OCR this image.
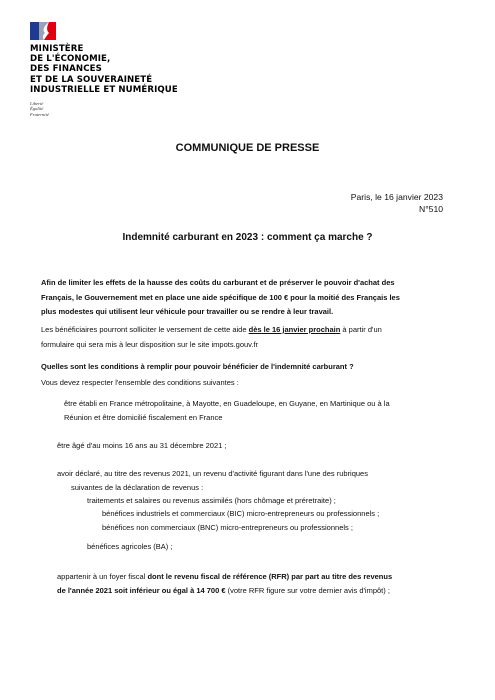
MINISTÈRE
DE L'ÉCONOMIE,
DES FINANCES
ET DE LA SOUVERAINETÉ
INDUSTRIELLE ET NUMÉRIQUE
Liberté
Égalité
Fraternité
COMMUNIQUE DE PRESSE
Paris, le 16 janvier 2023
N°510
Indemnité carburant en 2023 : comment ça marche ?
Afin de limiter les effets de la hausse des coûts du carburant et de préserver le pouvoir d'achat des
Français, le Gouvernement met en place une aide spécifique de 100 € pour la moitié des Français les
plus modestes qui utilisent leur véhicule pour travailler ou se rendre à leur travail.
Les bénéficiaires pourront solliciter le versement de cette aide dès le 16 janvier prochain à partir d'un
formulaire qui sera mis à leur disposition sur le site impots.gouv.fr
Quelles sont les conditions à remplir pour pouvoir bénéficier de l'indemnité carburant ?
Vous devez respecter l'ensemble des conditions suivantes :
être établi en France métropolitaine, à Mayotte, en Guadeloupe, en Guyane, en Martinique ou à la
Réunion et être domicilié fiscalement en France
être âgé d'au moins 16 ans au 31 décembre 2021 ;
avoir déclaré, au titre des revenus 2021, un revenu d'activité figurant dans l'une des rubriques
suivantes de la déclaration de revenus :
traitements et salaires ou revenus assimilés (hors chômage et préretraite) ;
bénéfices industriels et commerciaux (BIC) micro-entrepreneurs ou professionnels ;
bénéfices non commerciaux (BNC) micro-entrepreneurs ou professionnels ;
bénéfices agricoles (BA) ;
appartenir à un foyer fiscal dont le revenu fiscal de référence (RFR) par part au titre des revenus
de l'année 2021 soit inférieur ou égal à 14 700 € (votre RFR figure sur votre dernier avis d'impôt) ;
